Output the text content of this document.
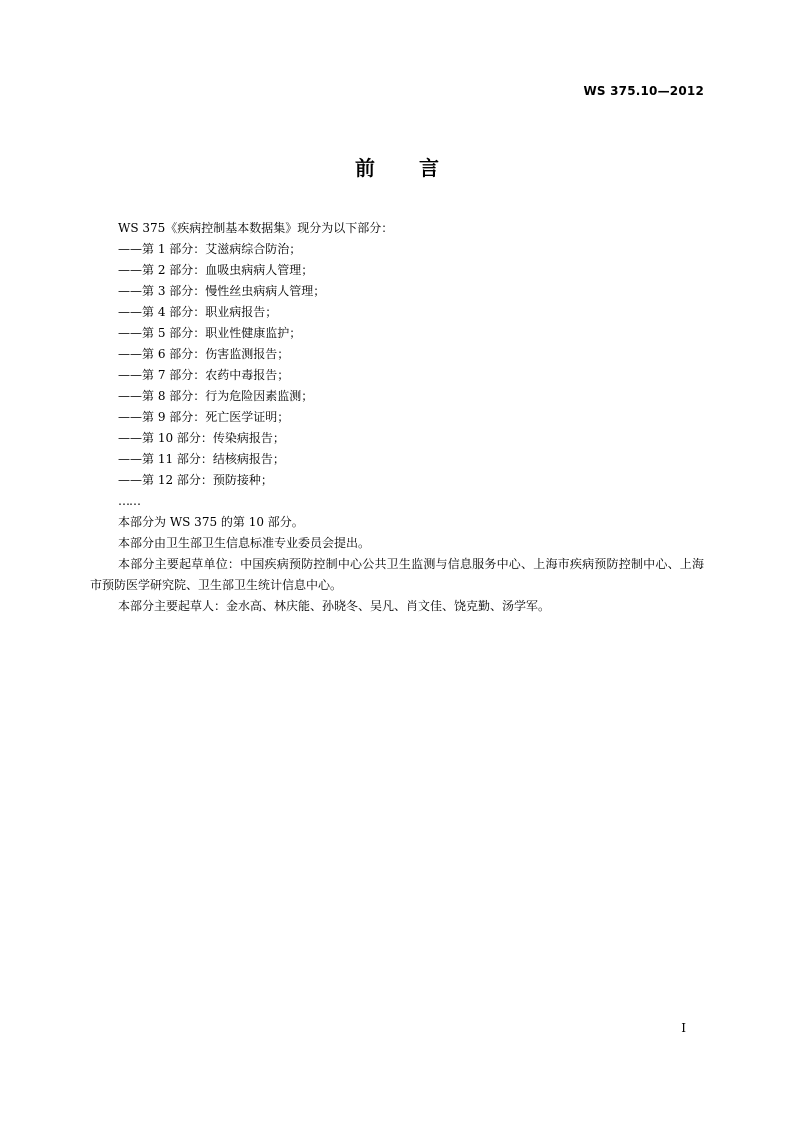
WS 375.10—2012
前 言

WS 375《疾病控制基本数据集》现分为以下部分：

——第 1 部分：艾滋病综合防治；

——第 2 部分：血吸虫病病人管理；

——第 3 部分：慢性丝虫病病人管理；

——第 4 部分：职业病报告；

——第 5 部分：职业性健康监护；

——第 6 部分：伤害监测报告；

——第 7 部分：农药中毒报告；

——第 8 部分：行为危险因素监测；

——第 9 部分：死亡医学证明；

——第 10 部分：传染病报告；

——第 11 部分：结核病报告；

——第 12 部分：预防接种；

……

本部分为 WS 375 的第 10 部分。

本部分由卫生部卫生信息标准专业委员会提出。

本部分主要起草单位：中国疾病预防控制中心公共卫生监测与信息服务中心、上海市疾病预防控制中心、上海市预防医学研究院、卫生部卫生统计信息中心。

本部分主要起草人：金水高、林庆能、孙晓冬、吴凡、肖文佳、饶克勤、汤学军。

I
